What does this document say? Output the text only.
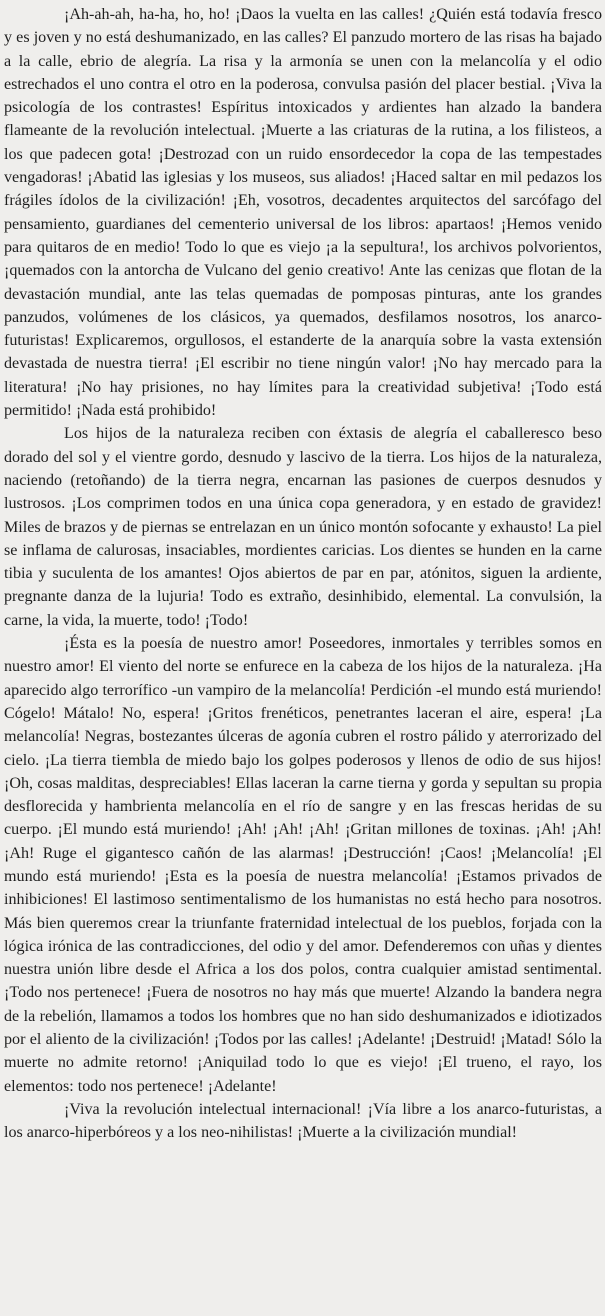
¡Ah-ah-ah, ha-ha, ho, ho! ¡Daos la vuelta en las calles! ¿Quién está todavía fresco y es joven y no está deshumanizado, en las calles? El panzudo mortero de las risas ha bajado a la calle, ebrio de alegría. La risa y la armonía se unen con la melancolía y el odio estrechados el uno contra el otro en la poderosa, convulsa pasión del placer bestial. ¡Viva la psicología de los contrastes! Espíritus intoxicados y ardientes han alzado la bandera flameante de la revolución intelectual. ¡Muerte a las criaturas de la rutina, a los filisteos, a los que padecen gota! ¡Destrozad con un ruido ensordecedor la copa de las tempestades vengadoras! ¡Abatid las iglesias y los museos, sus aliados! ¡Haced saltar en mil pedazos los frágiles ídolos de la civilización! ¡Eh, vosotros, decadentes arquitectos del sarcófago del pensamiento, guardianes del cementerio universal de los libros: apartaos! ¡Hemos venido para quitaros de en medio! Todo lo que es viejo ¡a la sepultura!, los archivos polvorientos, ¡quemados con la antorcha de Vulcano del genio creativo! Ante las cenizas que flotan de la devastación mundial, ante las telas quemadas de pomposas pinturas, ante los grandes panzudos, volúmenes de los clásicos, ya quemados, desfilamos nosotros, los anarco-futuristas! Explicaremos, orgullosos, el estanderte de la anarquía sobre la vasta extensión devastada de nuestra tierra! ¡El escribir no tiene ningún valor! ¡No hay mercado para la literatura! ¡No hay prisiones, no hay límites para la creatividad subjetiva! ¡Todo está permitido! ¡Nada está prohibido!

Los hijos de la naturaleza reciben con éxtasis de alegría el caballeresco beso dorado del sol y el vientre gordo, desnudo y lascivo de la tierra. Los hijos de la naturaleza, naciendo (retoñando) de la tierra negra, encarnan las pasiones de cuerpos desnudos y lustrosos. ¡Los comprimen todos en una única copa generadora, y en estado de gravidez! Miles de brazos y de piernas se entrelazan en un único montón sofocante y exhausto! La piel se inflama de calurosas, insaciables, mordientes caricias. Los dientes se hunden en la carne tibia y suculenta de los amantes! Ojos abiertos de par en par, atónitos, siguen la ardiente, pregnante danza de la lujuria! Todo es extraño, desinhibido, elemental. La convulsión, la carne, la vida, la muerte, todo! ¡Todo!

¡Ésta es la poesía de nuestro amor! Poseedores, inmortales y terribles somos en nuestro amor! El viento del norte se enfurece en la cabeza de los hijos de la naturaleza. ¡Ha aparecido algo terrorífico -un vampiro de la melancolía! Perdición -el mundo está muriendo! Cógelo! Mátalo! No, espera! ¡Gritos frenéticos, penetrantes laceran el aire, espera! ¡La melancolía! Negras, bostezantes úlceras de agonía cubren el rostro pálido y aterrorizado del cielo. ¡La tierra tiembla de miedo bajo los golpes poderosos y llenos de odio de sus hijos! ¡Oh, cosas malditas, despreciables! Ellas laceran la carne tierna y gorda y sepultan su propia desflorecida y hambrienta melancolía en el río de sangre y en las frescas heridas de su cuerpo. ¡El mundo está muriendo! ¡Ah! ¡Ah! ¡Ah! ¡Gritan millones de toxinas. ¡Ah! ¡Ah! ¡Ah! Ruge el gigantesco cañón de las alarmas! ¡Destrucción! ¡Caos! ¡Melancolía! ¡El mundo está muriendo! ¡Esta es la poesía de nuestra melancolía! ¡Estamos privados de inhibiciones! El lastimoso sentimentalismo de los humanistas no está hecho para nosotros. Más bien queremos crear la triunfante fraternidad intelectual de los pueblos, forjada con la lógica irónica de las contradicciones, del odio y del amor. Defenderemos con uñas y dientes nuestra unión libre desde el Africa a los dos polos, contra cualquier amistad sentimental. ¡Todo nos pertenece! ¡Fuera de nosotros no hay más que muerte! Alzando la bandera negra de la rebelión, llamamos a todos los hombres que no han sido deshumanizados e idiotizados por el aliento de la civilización! ¡Todos por las calles! ¡Adelante! ¡Destruid! ¡Matad! Sólo la muerte no admite retorno! ¡Aniquilad todo lo que es viejo! ¡El trueno, el rayo, los elementos: todo nos pertenece! ¡Adelante!

¡Viva la revolución intelectual internacional! ¡Vía libre a los anarco-futuristas, a los anarco-hiperbóreos y a los neo-nihilistas! ¡Muerte a la civilización mundial!
